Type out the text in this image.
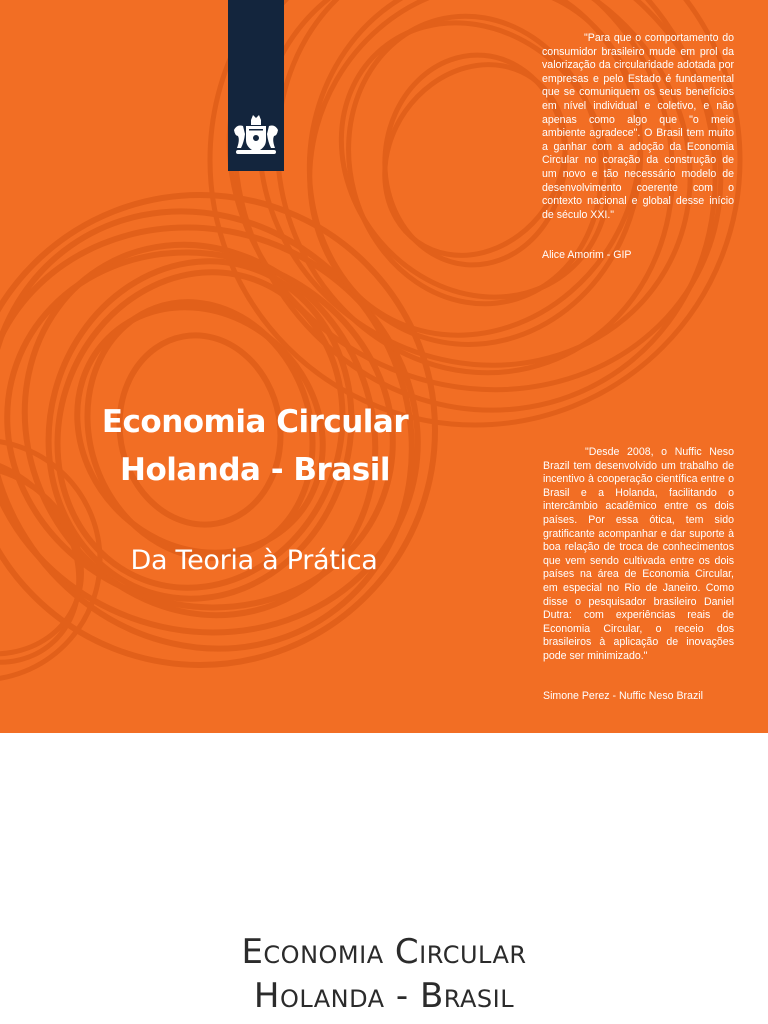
Economia Circular
Holanda - Brasil
Da Teoria à Prática

"Para que o comportamento do consumidor brasileiro mude em prol da valorização da circularidade adotada por empresas e pelo Estado é fundamental que se comuniquem os seus benefícios em nível individual e coletivo, e não apenas como algo que "o meio ambiente agradece". O Brasil tem muito a ganhar com a adoção da Economia Circular no coração da construção de um novo e tão necessário modelo de desenvolvimento coerente com o contexto nacional e global desse início de século XXI."

Alice Amorim - GIP

"Desde 2008, o Nuffic Neso Brazil tem desenvolvido um trabalho de incentivo à cooperação científica entre o Brasil e a Holanda, facilitando o intercâmbio acadêmico entre os dois países. Por essa ótica, tem sido gratificante acompanhar e dar suporte à boa relação de troca de conhecimentos que vem sendo cultivada entre os dois países na área de Economia Circular, em especial no Rio de Janeiro. Como disse o pesquisador brasileiro Daniel Dutra: com experiências reais de Economia Circular, o receio dos brasileiros à aplicação de inovações pode ser minimizado."

Simone Perez - Nuffic Neso Brazil
Economia Circular
Holanda - Brasil
